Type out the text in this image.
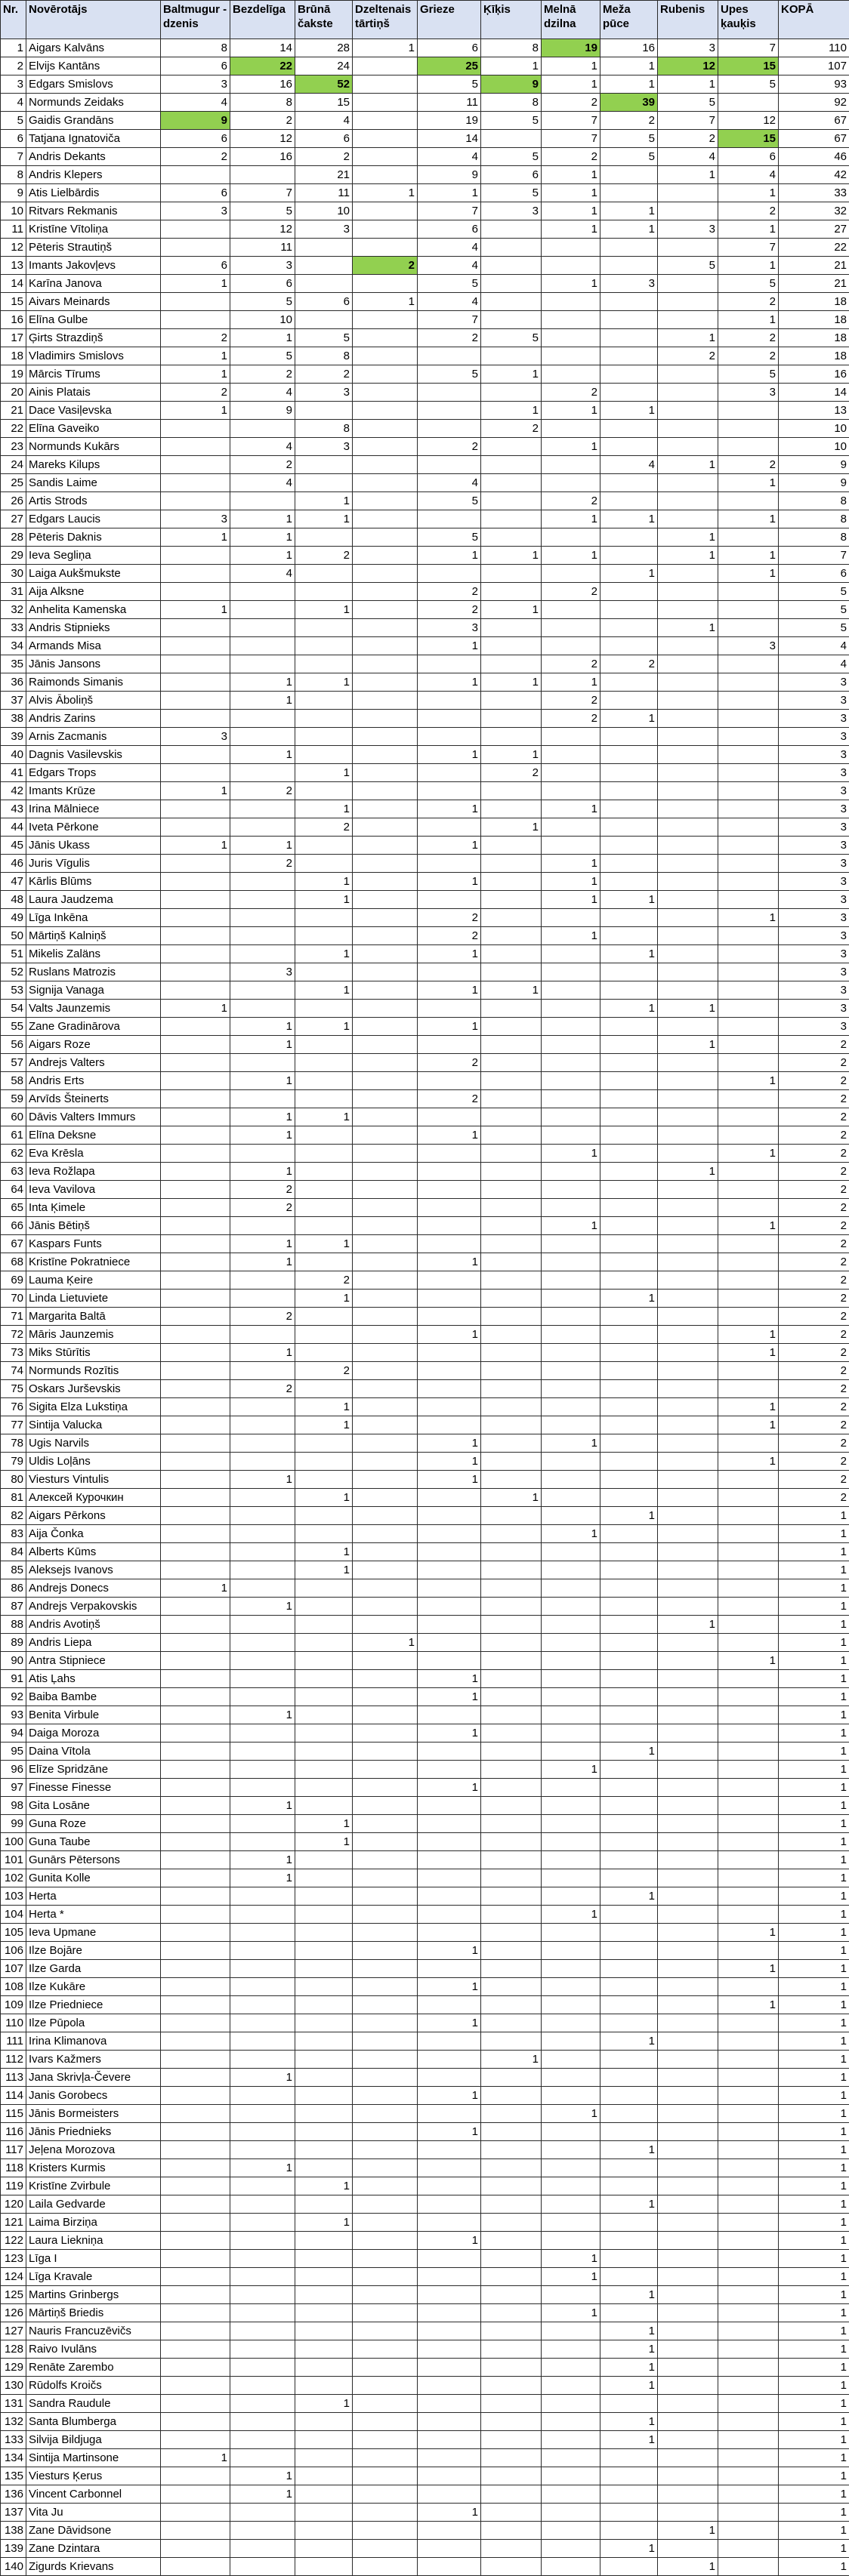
Nr.	Novērotājs	Baltmugur - dzenis	Bezdelīga	Brūnā čakste	Dzeltenais tārtiņš	Grieze	Ķīķis	Melnā dzilna	Meža pūce	Rubenis	Upes ķauķis	KOPĀ
1	Aigars Kalvāns	8	14	28	1	6	8	19	16	3	7	110
2	Elvijs Kantāns	6	22	24		25	1	1	1	12	15	107
3	Edgars Smislovs	3	16	52		5	9	1	1	1	5	93
4	Normunds Zeidaks	4	8	15		11	8	2	39	5		92
5	Gaidis Grandāns	9	2	4		19	5	7	2	7	12	67
6	Tatjana Ignatoviča	6	12	6		14		7	5	2	15	67
7	Andris Dekants	2	16	2		4	5	2	5	4	6	46
8	Andris Klepers			21		9	6	1		1	4	42
9	Atis Lielbārdis	6	7	11	1	1	5	1			1	33
10	Ritvars Rekmanis	3	5	10		7	3	1	1		2	32
11	Kristīne Vītoliņa		12	3		6		1	1	3	1	27
12	Pēteris Strautiņš		11			4					7	22
13	Imants Jakovļevs	6	3		2	4				5	1	21
14	Karīna Janova	1	6			5		1	3		5	21
15	Aivars Meinards		5	6	1	4					2	18
16	Elīna Gulbe		10			7					1	18
17	Ģirts Strazdiņš	2	1	5		2	5			1	2	18
18	Vladimirs Smislovs	1	5	8						2	2	18
19	Mārcis Tīrums	1	2	2		5	1				5	16
20	Ainis Platais	2	4	3				2			3	14
21	Dace Vasiļevska	1	9				1	1	1			13
22	Elīna Gaveiko			8			2					10
23	Normunds Kukārs		4	3		2		1				10
24	Mareks Kilups		2						4	1	2	9
25	Sandis Laime		4			4					1	9
26	Artis Strods			1		5		2				8
27	Edgars Laucis	3	1	1				1	1		1	8
28	Pēteris Daknis	1	1			5				1		8
29	Ieva Segliņa		1	2		1	1	1		1	1	7
30	Laiga Aukšmukste		4						1		1	6
31	Aija Alksne					2		2				5
32	Anhelita Kamenska	1		1		2	1					5
33	Andris Stipnieks					3				1		5
34	Armands Misa					1					3	4
35	Jānis Jansons							2	2			4
36	Raimonds Simanis		1	1		1	1	1				3
37	Alvis Āboliņš		1					2				3
38	Andris Zarins							2	1			3
39	Arnis Zacmanis	3										3
40	Dagnis Vasilevskis		1			1	1					3
41	Edgars Trops			1			2					3
42	Imants Krūze	1	2									3
43	Irina Mālniece			1		1		1				3
44	Iveta Pērkone			2			1					3
45	Jānis Ukass	1	1			1						3
46	Juris Vīgulis		2					1				3
47	Kārlis Blūms			1		1		1				3
48	Laura Jaudzema			1				1	1			3
49	Līga Inkēna					2					1	3
50	Mārtiņš Kalniņš					2		1				3
51	Mikelis Zaläns			1		1			1			3
52	Ruslans Matrozis		3									3
53	Signija Vanaga			1		1	1					3
54	Valts Jaunzemis	1							1	1		3
55	Zane Gradinārova		1	1		1						3
56	Aigars Roze		1							1		2
57	Andrejs Valters					2						2
58	Andris Erts		1								1	2
59	Arvīds Šteinerts					2						2
60	Dāvis Valters Immurs		1	1								2
61	Elīna Deksne		1			1						2
62	Eva Krēsla							1			1	2
63	Ieva Rožlapa		1							1		2
64	Ieva Vavilova		2									2
65	Inta Ķimele		2									2
66	Jānis Bētiņš							1			1	2
67	Kaspars Funts		1	1								2
68	Kristīne Pokratniece		1			1						2
69	Lauma Ķeire			2								2
70	Linda Lietuviete			1					1			2
71	Margarita Baltā		2									2
72	Māris Jaunzemis					1					1	2
73	Miks Stūrītis		1								1	2
74	Normunds Rozītis			2								2
75	Oskars Jurševskis		2									2
76	Sigita Elza Lukstiņa			1							1	2
77	Sintija Valucka			1							1	2
78	Ugis Narvils					1		1				2
79	Uldis Loļāns					1					1	2
80	Viesturs Vintulis		1			1						2
81	Алексей Курочкин			1			1					2
82	Aigars Pērkons								1			1
83	Aija Čonka							1				1
84	Alberts Kūms			1								1
85	Aleksejs Ivanovs			1								1
86	Andrejs Donecs	1										1
87	Andrejs Verpakovskis		1									1
88	Andris Avotiņš									1		1
89	Andris Liepa				1							1
90	Antra Stipniece										1	1
91	Atis Ļahs					1						1
92	Baiba Bambe					1						1
93	Benita Virbule		1									1
94	Daiga Moroza					1						1
95	Daina Vītola								1			1
96	Elīze Spridzāne							1				1
97	Finesse Finesse					1						1
98	Gita Losāne		1									1
99	Guna Roze			1								1
100	Guna Taube			1								1
101	Gunārs Pētersons		1									1
102	Gunita Kolle		1									1
103	Herta								1			1
104	Herta *							1				1
105	Ieva Upmane										1	1
106	Ilze Bojāre					1						1
107	Ilze Garda										1	1
108	Ilze Kukāre					1						1
109	Ilze Priedniece										1	1
110	Ilze Pūpola					1						1
111	Irina Klimanova								1			1
112	Ivars Kažmers						1					1
113	Jana Skrivļa-Čevere		1									1
114	Janis Gorobecs					1						1
115	Jānis Bormeisters							1				1
116	Jānis Priednieks					1						1
117	Jeļena Morozova								1			1
118	Kristers Kurmis		1									1
119	Kristīne Zvirbule			1								1
120	Laila Gedvarde								1			1
121	Laima Birziņa			1								1
122	Laura Liekniņa					1						1
123	Līga I							1				1
124	Līga Kravale							1				1
125	Martins Grinbergs								1			1
126	Mārtiņš Briedis							1				1
127	Nauris Francuzēvičs								1			1
128	Raivo Ivulāns								1			1
129	Renāte Zarembo								1			1
130	Rūdolfs Kroičs								1			1
131	Sandra Raudule			1								1
132	Santa Blumberga								1			1
133	Silvija Bildjuga								1			1
134	Sintija Martinsone	1										1
135	Viesturs Ķerus		1									1
136	Vincent Carbonnel		1									1
137	Vita Ju					1						1
138	Zane Dāvidsone									1		1
139	Zane Dzintara								1			1
140	Zigurds Krievans									1		1
